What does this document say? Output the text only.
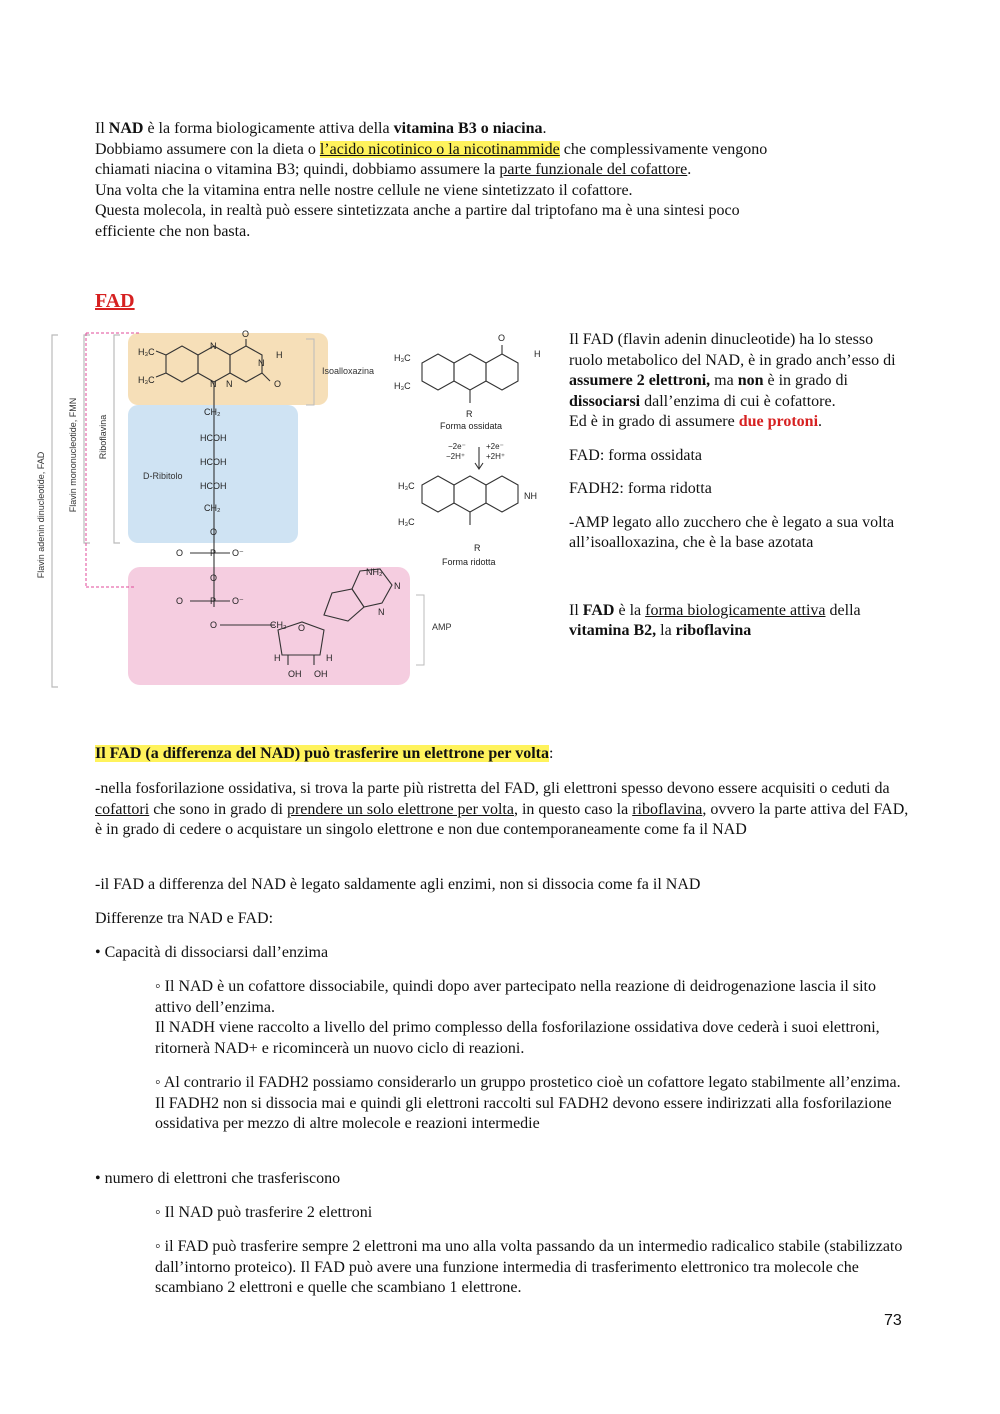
Il NAD è la forma biologicamente attiva della vitamina B3 o niacina.
Dobbiamo assumere con la dieta o l’acido nicotinico o la nicotinammide che complessivamente vengono
chiamati niacina o vitamina B3; quindi, dobbiamo assumere la parte funzionale del cofattore.
Una volta che la vitamina entra nelle nostre cellule ne viene sintetizzato il cofattore.
Questa molecola, in realtà può essere sintetizzata anche a partire dal triptofano ma è una sintesi poco
efficiente che non basta.
FAD
Flavin adenin dinucleotide, FAD Flavin mononucleotide, FMN Riboflavina
Isoalloxazina
D-Ribitolo
AMP
H₃C
H₃C
N
N N
N
H
O
O
CH₂
HCOH
HCOH
HCOH
CH₂
O
O	P O⁻
O
O	P O⁻
O	CH₂ O
H	H
OH OH
NH₂
N
N
H₃C
H₃C
O
H
R
Forma ossidata
−2e⁻
−2H⁺
+2e⁻
+2H⁺
H₃C
H₃C
NH
R
Forma ridotta

Il FAD (flavin adenin dinucleotide) ha lo stesso ruolo metabolico del NAD, è in grado anch’esso di assumere 2 elettroni, ma non è in grado di dissociarsi dall’enzima di cui è cofattore.

Ed è in grado di assumere due protoni.

FAD: forma ossidata

FADH2: forma ridotta

-AMP legato allo zucchero che è legato a sua volta all’isoalloxazina, che è la base azotata

Il FAD è la forma biologicamente attiva della vitamina B2, la riboflavina

Il FAD (a differenza del NAD) può trasferire un elettrone per volta:
-nella fosforilazione ossidativa, si trova la parte più ristretta del FAD, gli elettroni spesso devono essere acquisiti o ceduti da cofattori che sono in grado di prendere un solo elettrone per volta, in questo caso la riboflavina, ovvero la parte attiva del FAD, è in grado di cedere o acquistare un singolo elettrone e non due contemporaneamente come fa il NAD
-il FAD a differenza del NAD è legato saldamente agli enzimi, non si dissocia come fa il NAD
Differenze tra NAD e FAD:
• Capacità di dissociarsi dall’enzima
◦ Il NAD è un cofattore dissociabile, quindi dopo aver partecipato nella reazione di deidrogenazione lascia il sito attivo dell’enzima.
Il NADH viene raccolto a livello del primo complesso della fosforilazione ossidativa dove cederà i suoi elettroni, ritornerà NAD+ e ricomincerà un nuovo ciclo di reazioni.
◦ Al contrario il FADH2 possiamo considerarlo un gruppo prostetico cioè un cofattore legato stabilmente all’enzima.
Il FADH2 non si dissocia mai e quindi gli elettroni raccolti sul FADH2 devono essere indirizzati alla fosforilazione ossidativa per mezzo di altre molecole e reazioni intermedie
• numero di elettroni che trasferiscono
◦ Il NAD può trasferire 2 elettroni
◦ il FAD può trasferire sempre 2 elettroni ma uno alla volta passando da un intermedio radicalico stabile (stabilizzato dall’intorno proteico). Il FAD può avere una funzione intermedia di trasferimento elettronico tra molecole che scambiano 2 elettroni e quelle che scambiano 1 elettrone.
73
